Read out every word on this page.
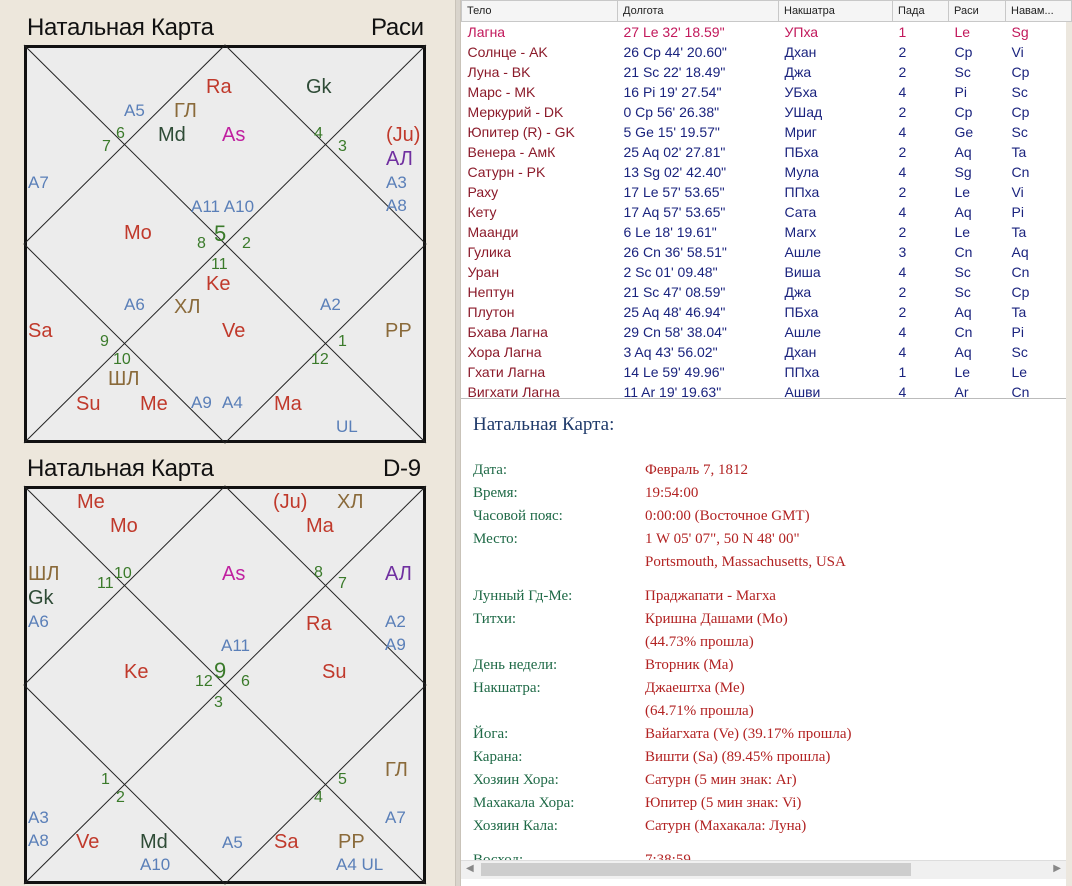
Натальная Карта	Раси
5
Ra	Gk
ГЛ
Md As
A5
6
7
4
3
(Ju)
АЛ
A3
A8
A7
A11 A10
Mo	8 2
11
Ke
A6 ХЛ
Ve
A2
Sa	9
10
ШЛ
Su Me A9 A4 Ma
12
1 PP
UL
Натальная Карта	D-9
9
Me
Mo
(Ju) ХЛ
Ma
ШЛ
Gk
A6
11
10	As	8
7 АЛ
A2
A9
A11
Ra
Ke	12 6
3
Su
1
2	4
5 ГЛ
A3
A8
A7
Ve Md
A10
A5 Sa PP
A4 UL
Тело	Долгота	Накшатра	Пада	Раси	Навам...
Лагна	27 Le 32' 18.59"	УПха	1	Le	Sg
Солнце - AK	26 Cp 44' 20.60"	Дхан	2	Cp	Vi
Луна - BK	21 Sc 22' 18.49"	Джа	2	Sc	Cp
Марс - MK	16 Pi 19' 27.54"	УБха	4	Pi	Sc
Меркурий - DK	0 Cp 56' 26.38"	УШад	2	Cp	Cp
Юпитер (R) - GK	5 Ge 15' 19.57"	Мриг	4	Ge	Sc
Венера - АмК	25 Aq 02' 27.81"	ПБха	2	Aq	Ta
Сатурн - PK	13 Sg 02' 42.40"	Мула	4	Sg	Cn
Раху	17 Le 57' 53.65"	ППха	2	Le	Vi
Кету	17 Aq 57' 53.65"	Сата	4	Aq	Pi
Мaанди	6 Le 18' 19.61"	Магх	2	Le	Ta
Гулика	26 Cn 36' 58.51"	Ашле	3	Cn	Aq
Уран	2 Sc 01' 09.48"	Виша	4	Sc	Cn
Нептун	21 Sc 47' 08.59"	Джа	2	Sc	Cp
Плутон	25 Aq 48' 46.94"	ПБха	2	Aq	Ta
Бхава Лагна	29 Cn 58' 38.04"	Ашле	4	Cn	Pi
Хора Лагна	3 Aq 43' 56.02"	Дхан	4	Aq	Sc
Гхати Лагна	14 Le 59' 49.96"	ППха	1	Le	Le
Вигхати Лагна	11 Ar 19' 19.63"	Ашви	4	Ar	Cn
Натальная Карта:
Дата:	Февраль 7, 1812
Время:	19:54:00
Часовой пояс:	0:00:00 (Восточное GMT)
Место:	1 W 05' 07", 50 N 48' 00"
Portsmouth, Massachusetts, USA
Лунный Гд-Ме:	Праджапати - Магха
Титхи:	Кришна Дашами (Mo)
(44.73% прошла)
День недели:	Вторник (Ma)
Накшатра:	Джаештха (Me)
(64.71% прошла)
Йога:	Вайагхата (Ve) (39.17% прошла)
Карана:	Вишти (Sa) (89.45% прошла)
Хозяин Хора:	Сатурн (5 мин знак: Ar)
Махакала Хора:	Юпитер (5 мин знак: Vi)
Хозяин Кала:	Сатурн (Махакала: Луна)
◀	▶
